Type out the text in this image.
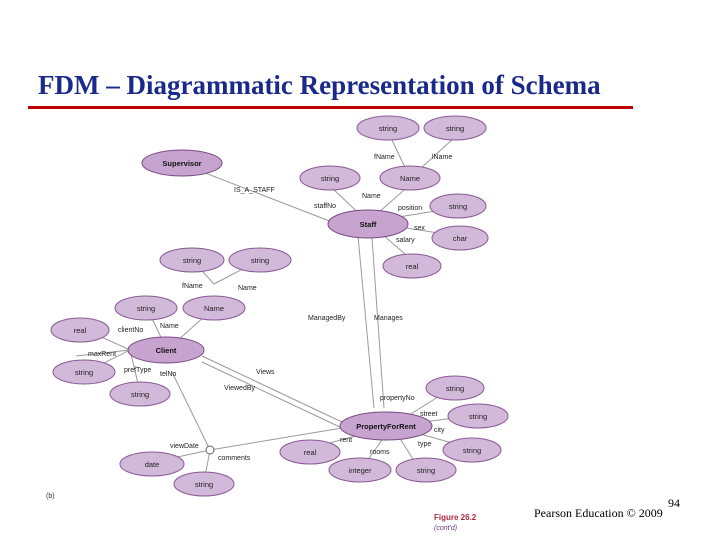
FDM – Diagrammatic Representation of Schema
fName	lName
Name
IS_A_STAFF
staffNo	position
sex
salary
fName	Name
ManagedBy	Manages
clientNo
Name
maxRent
prefType
telNo	Views
ViewedBy
propertyNo
street
city
rent
type
rooms
viewDate
comments
string	string
Supervisor
string	Name
string
Staff
char
real
string	string
string	Name
real
Client
string
string
string
string
PropertyForRent
string
real
integer	string
date
string
(b)
Figure 26.2
(cont'd)
Pearson Education © 2009
94
